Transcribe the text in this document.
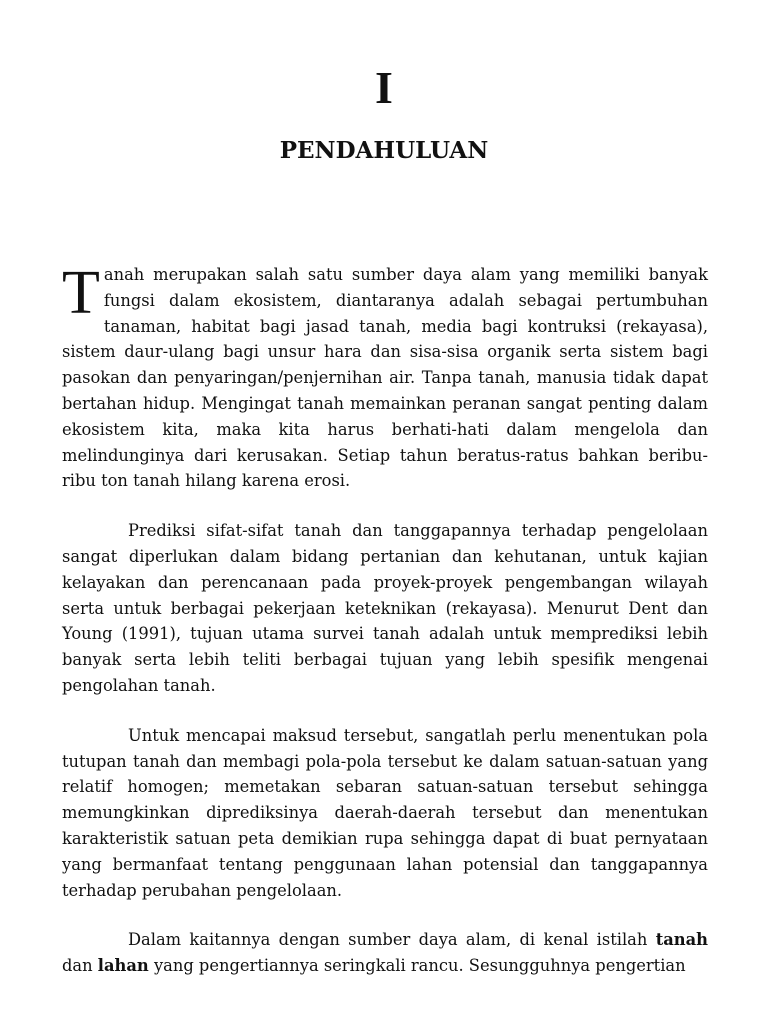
I
PENDAHULUAN

Tanah merupakan salah satu sumber daya alam yang memiliki banyak fungsi dalam ekosistem, diantaranya adalah sebagai pertumbuhan tanaman, habitat bagi jasad tanah, media bagi kontruksi (rekayasa), sistem daur-ulang bagi unsur hara dan sisa-sisa organik serta sistem bagi pasokan dan penyaringan/penjernihan air. Tanpa tanah, manusia tidak dapat bertahan hidup. Mengingat tanah memainkan peranan sangat penting dalam ekosistem kita, maka kita harus berhati-hati dalam mengelola dan melindunginya dari kerusakan. Setiap tahun beratus-ratus bahkan beribu-ribu ton tanah hilang karena erosi.

Prediksi sifat-sifat tanah dan tanggapannya terhadap pengelolaan sangat diperlukan dalam bidang pertanian dan kehutanan, untuk kajian kelayakan dan perencanaan pada proyek-proyek pengembangan wilayah serta untuk berbagai pekerjaan keteknikan (rekayasa). Menurut Dent dan Young (1991), tujuan utama survei tanah adalah untuk memprediksi lebih banyak serta lebih teliti berbagai tujuan yang lebih spesifik mengenai pengolahan tanah.

Untuk mencapai maksud tersebut, sangatlah perlu menentukan pola tutupan tanah dan membagi pola-pola tersebut ke dalam satuan-satuan yang relatif homogen; memetakan sebaran satuan-satuan tersebut sehingga memungkinkan diprediksinya daerah-daerah tersebut dan menentukan karakteristik satuan peta demikian rupa sehingga dapat di buat pernyataan yang bermanfaat tentang penggunaan lahan potensial dan tanggapannya terhadap perubahan pengelolaan.

Dalam kaitannya dengan sumber daya alam, di kenal istilah tanah dan lahan yang pengertiannya seringkali rancu. Sesungguhnya pengertian
